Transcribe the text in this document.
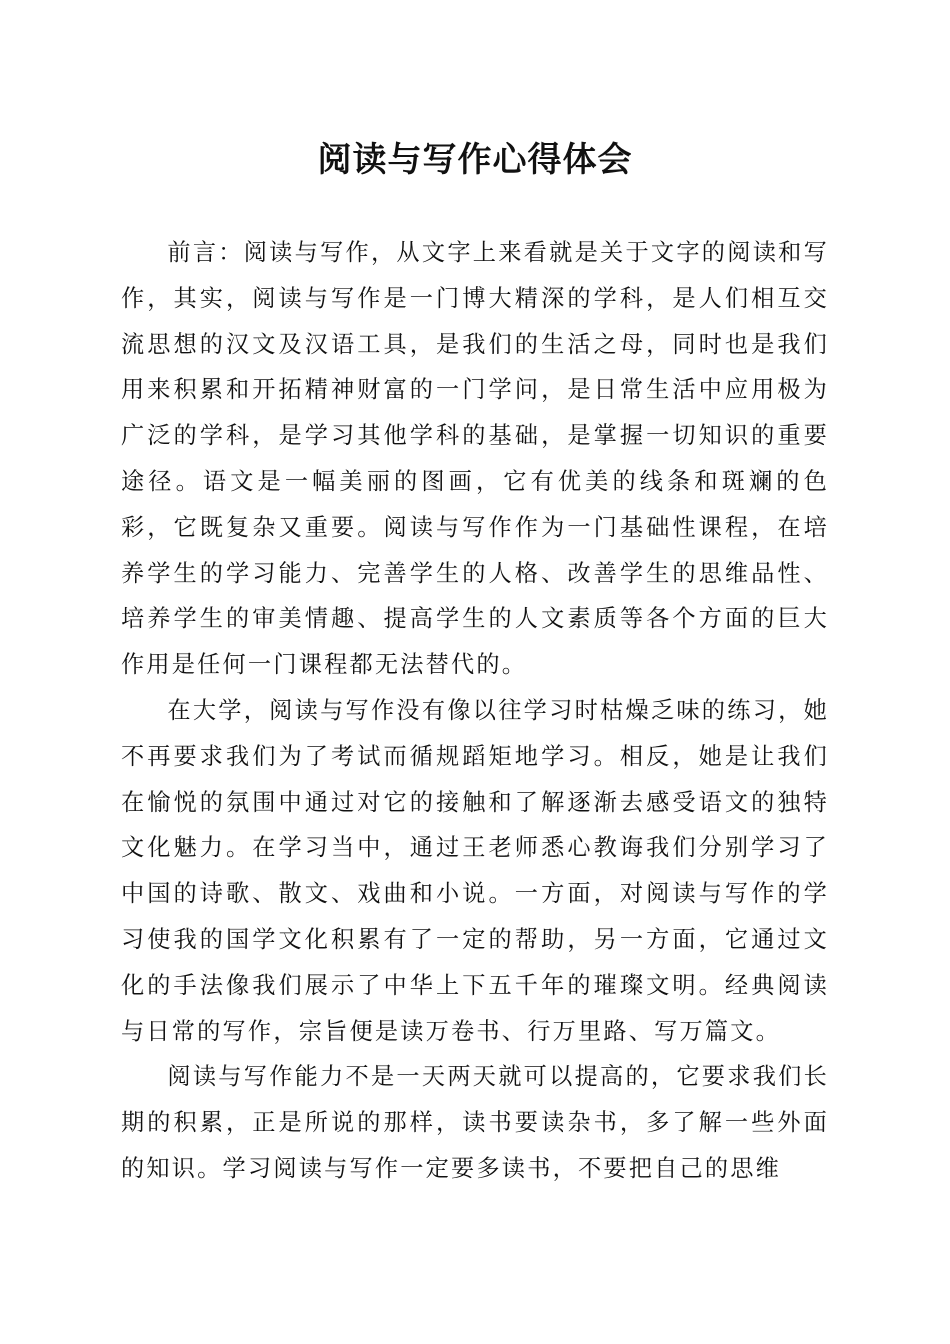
阅读与写作心得体会

前言：阅读与写作，从文字上来看就是关于文字的阅读和写作，其实，阅读与写作是一门博大精深的学科，是人们相互交流思想的汉文及汉语工具，是我们的生活之母，同时也是我们用来积累和开拓精神财富的一门学问，是日常生活中应用极为广泛的学科，是学习其他学科的基础，是掌握一切知识的重要途径。语文是一幅美丽的图画，它有优美的线条和斑斓的色彩，它既复杂又重要。阅读与写作作为一门基础性课程，在培养学生的学习能力、完善学生的人格、改善学生的思维品性、培养学生的审美情趣、提高学生的人文素质等各个方面的巨大作用是任何一门课程都无法替代的。

在大学，阅读与写作没有像以往学习时枯燥乏味的练习，她不再要求我们为了考试而循规蹈矩地学习。相反，她是让我们在愉悦的氛围中通过对它的接触和了解逐渐去感受语文的独特文化魅力。在学习当中，通过王老师悉心教诲我们分别学习了中国的诗歌、散文、戏曲和小说。一方面，对阅读与写作的学习使我的国学文化积累有了一定的帮助，另一方面，它通过文化的手法像我们展示了中华上下五千年的璀璨文明。经典阅读与日常的写作，宗旨便是读万卷书、行万里路、写万篇文。

阅读与写作能力不是一天两天就可以提高的，它要求我们长期的积累，正是所说的那样，读书要读杂书，多了解一些外面的知识。学习阅读与写作一定要多读书，不要把自己的思维
